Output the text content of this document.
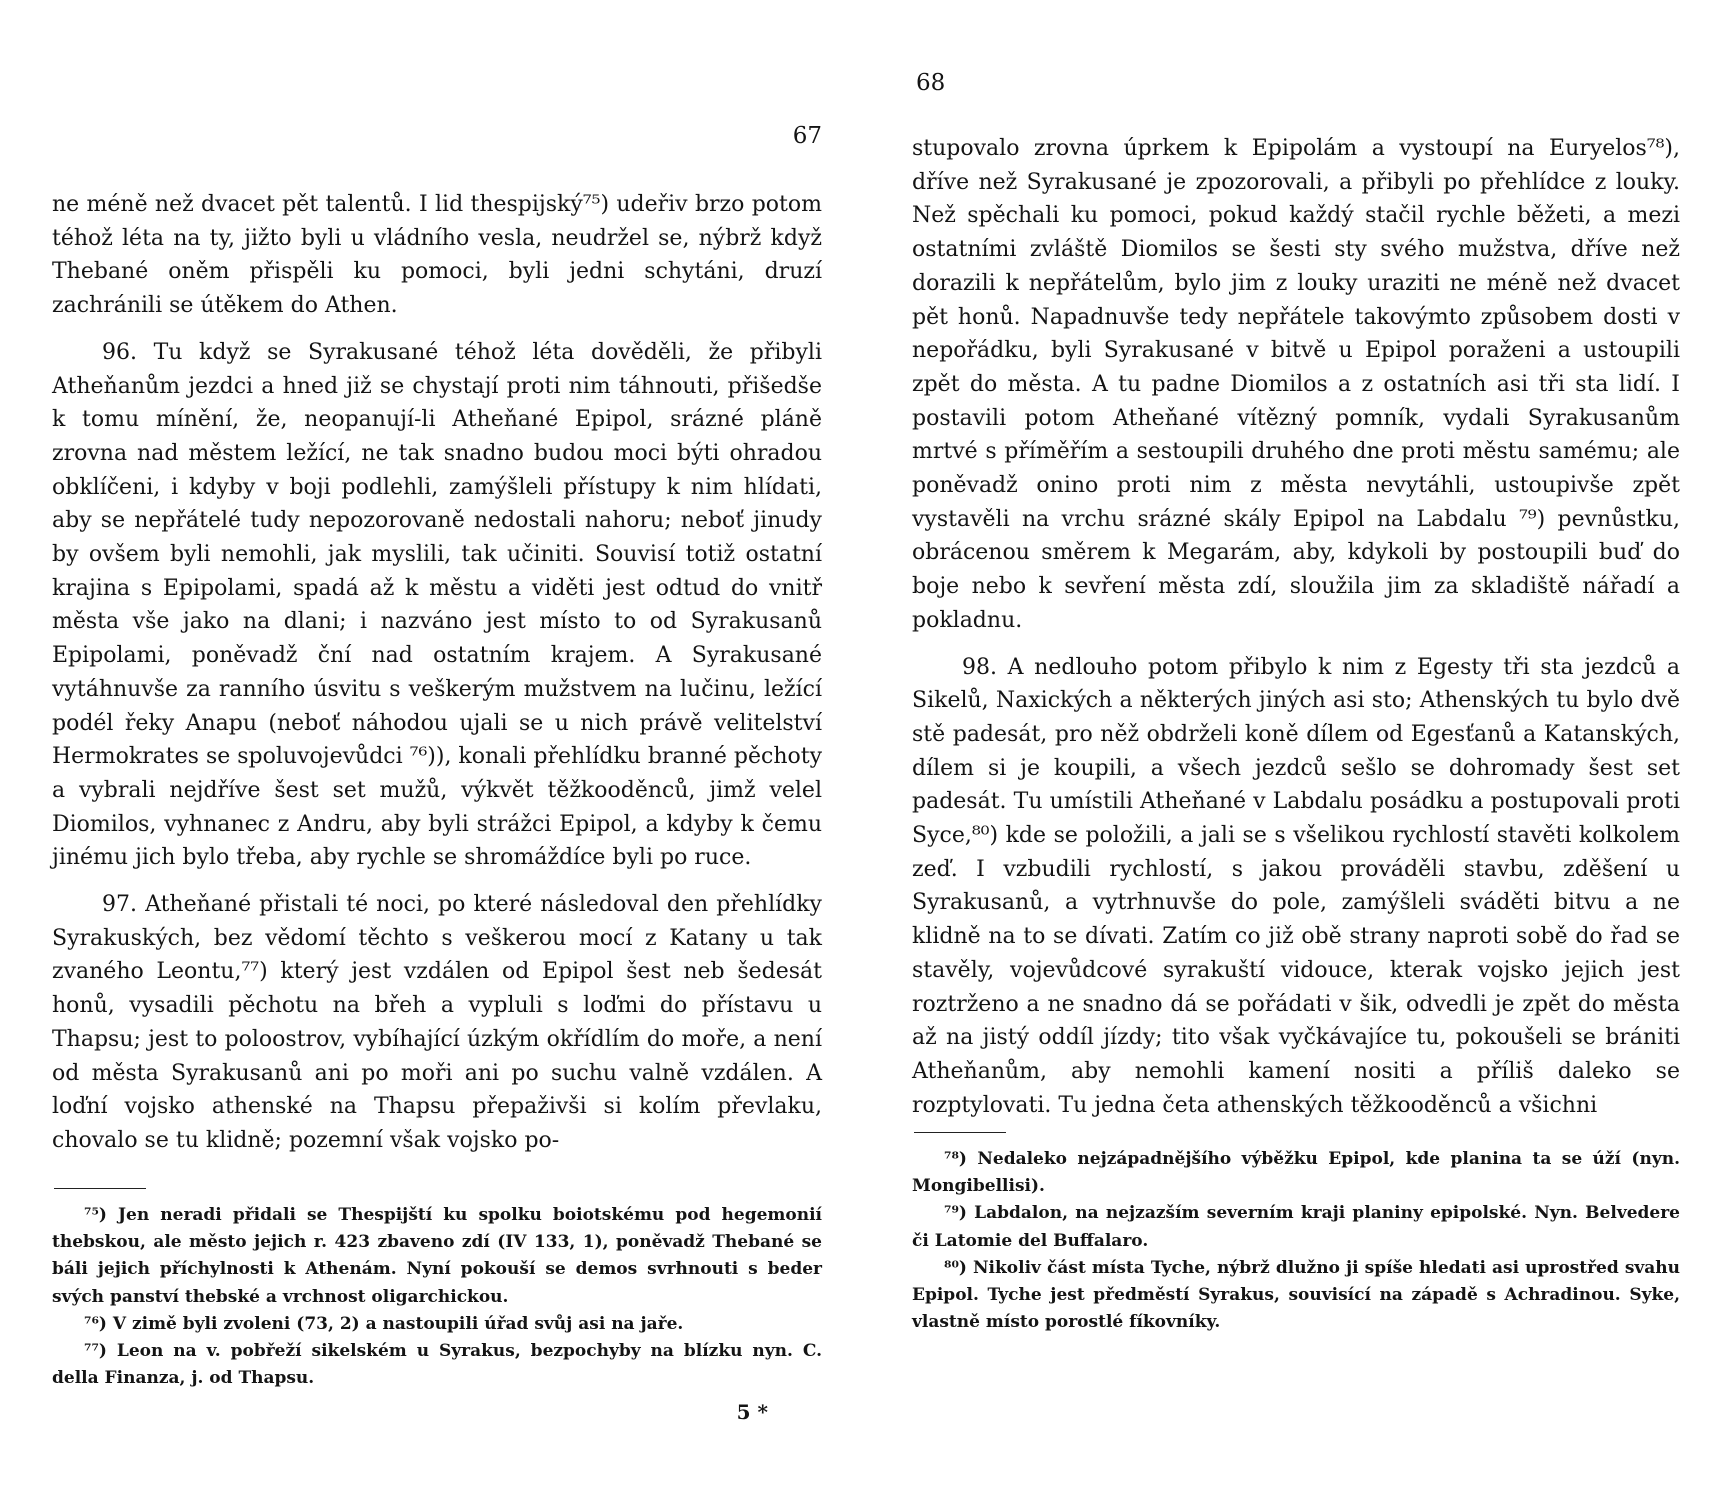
67

ne méně než dvacet pět talentů. I lid thespijský⁷⁵) udeřiv brzo potom téhož léta na ty, jižto byli u vládního vesla, neudržel se, nýbrž když Thebané oněm přispěli ku pomoci, byli jedni schytáni, druzí zachránili se útěkem do Athen.

96. Tu když se Syrakusané téhož léta dověděli, že přibyli Atheňanům jezdci a hned již se chystají proti nim táhnouti, přišedše k tomu mínění, že, neopanují-li Atheňané Epipol, srázné pláně zrovna nad městem ležící, ne tak snadno budou moci býti ohradou obklíčeni, i kdyby v boji podlehli, zamýšleli přístupy k nim hlídati, aby se nepřátelé tudy nepozorovaně nedostali nahoru; neboť jinudy by ovšem byli nemohli, jak myslili, tak učiniti. Souvisí totiž ostatní krajina s Epipolami, spadá až k městu a viděti jest odtud do vnitř města vše jako na dlani; i nazváno jest místo to od Syrakusanů Epipolami, poněvadž ční nad ostatním krajem. A Syrakusané vytáhnuvše za ranního úsvitu s veškerým mužstvem na lučinu, ležící podél řeky Anapu (neboť náhodou ujali se u nich právě velitelství Hermokrates se spoluvojevůdci ⁷⁶)), konali přehlídku branné pěchoty a vybrali nejdříve šest set mužů, výkvět těžkooděnců, jimž velel Diomilos, vyhnanec z Andru, aby byli strážci Epipol, a kdyby k čemu jinému jich bylo třeba, aby rychle se shromáždíce byli po ruce.

97. Atheňané přistali té noci, po které následoval den přehlídky Syrakuských, bez vědomí těchto s veškerou mocí z Katany u tak zvaného Leontu,⁷⁷) který jest vzdálen od Epipol šest neb šedesát honů, vysadili pěchotu na břeh a vypluli s loďmi do přístavu u Thapsu; jest to poloostrov, vybíhající úzkým okřídlím do moře, a není od města Syrakusanů ani po moři ani po suchu valně vzdálen. A loďní vojsko athenské na Thapsu přepaživši si kolím převlaku, chovalo se tu klidně; pozemní však vojsko po-

⁷⁵) Jen neradi přidali se Thespijští ku spolku boiotskému pod hegemonií thebskou, ale město jejich r. 423 zbaveno zdí (IV 133, 1), poněvadž Thebané se báli jejich příchylnosti k Athenám. Nyní pokouší se demos svrhnouti s beder svých panství thebské a vrchnost oligarchickou.

⁷⁶) V zimě byli zvoleni (73, 2) a nastoupili úřad svůj asi na jaře.

⁷⁷) Leon na v. pobřeží sikelském u Syrakus, bezpochyby na blízku nyn. C. della Finanza, j. od Thapsu.

5 *
68

stupovalo zrovna úprkem k Epipolám a vystoupí na Euryelos⁷⁸), dříve než Syrakusané je zpozorovali, a přibyli po přehlídce z louky. Než spěchali ku pomoci, pokud každý stačil rychle běžeti, a mezi ostatními zvláště Diomilos se šesti sty svého mužstva, dříve než dorazili k nepřátelům, bylo jim z louky uraziti ne méně než dvacet pět honů. Napadnuvše tedy nepřátele takovýmto způsobem dosti v nepořádku, byli Syrakusané v bitvě u Epipol poraženi a ustoupili zpět do města. A tu padne Diomilos a z ostatních asi tři sta lidí. I postavili potom Atheňané vítězný pomník, vydali Syrakusanům mrtvé s příměřím a sestoupili druhého dne proti městu samému; ale poněvadž onino proti nim z města nevytáhli, ustoupivše zpět vystavěli na vrchu srázné skály Epipol na Labdalu ⁷⁹) pevnůstku, obrácenou směrem k Megarám, aby, kdykoli by postoupili buď do boje nebo k sevření města zdí, sloužila jim za skladiště nářadí a pokladnu.

98. A nedlouho potom přibylo k nim z Egesty tři sta jezdců a Sikelů, Naxických a některých jiných asi sto; Athenských tu bylo dvě stě padesát, pro něž obdrželi koně dílem od Egesťanů a Katanských, dílem si je koupili, a všech jezdců sešlo se dohromady šest set padesát. Tu umístili Atheňané v Labdalu posádku a postupovali proti Syce,⁸⁰) kde se položili, a jali se s všelikou rychlostí stavěti kolkolem zeď. I vzbudili rychlostí, s jakou prováděli stavbu, zděšení u Syrakusanů, a vytrhnuvše do pole, zamýšleli sváděti bitvu a ne klidně na to se dívati. Zatím co již obě strany naproti sobě do řad se stavěly, vojevůdcové syrakuští vidouce, kterak vojsko jejich jest roztrženo a ne snadno dá se pořádati v šik, odvedli je zpět do města až na jistý oddíl jízdy; tito však vyčkávajíce tu, pokoušeli se brániti Atheňanům, aby nemohli kamení nositi a příliš daleko se rozptylovati. Tu jedna četa athenských těžkooděnců a všichni

⁷⁸) Nedaleko nejzápadnějšího výběžku Epipol, kde planina ta se úží (nyn. Mongibellisi).

⁷⁹) Labdalon, na nejzazším severním kraji planiny epipolské. Nyn. Belvedere či Latomie del Buffalaro.

⁸⁰) Nikoliv část místa Tyche, nýbrž dlužno ji spíše hledati asi uprostřed svahu Epipol. Tyche jest předměstí Syrakus, souvisící na západě s Achradinou. Syke, vlastně místo porostlé fíkovníky.
